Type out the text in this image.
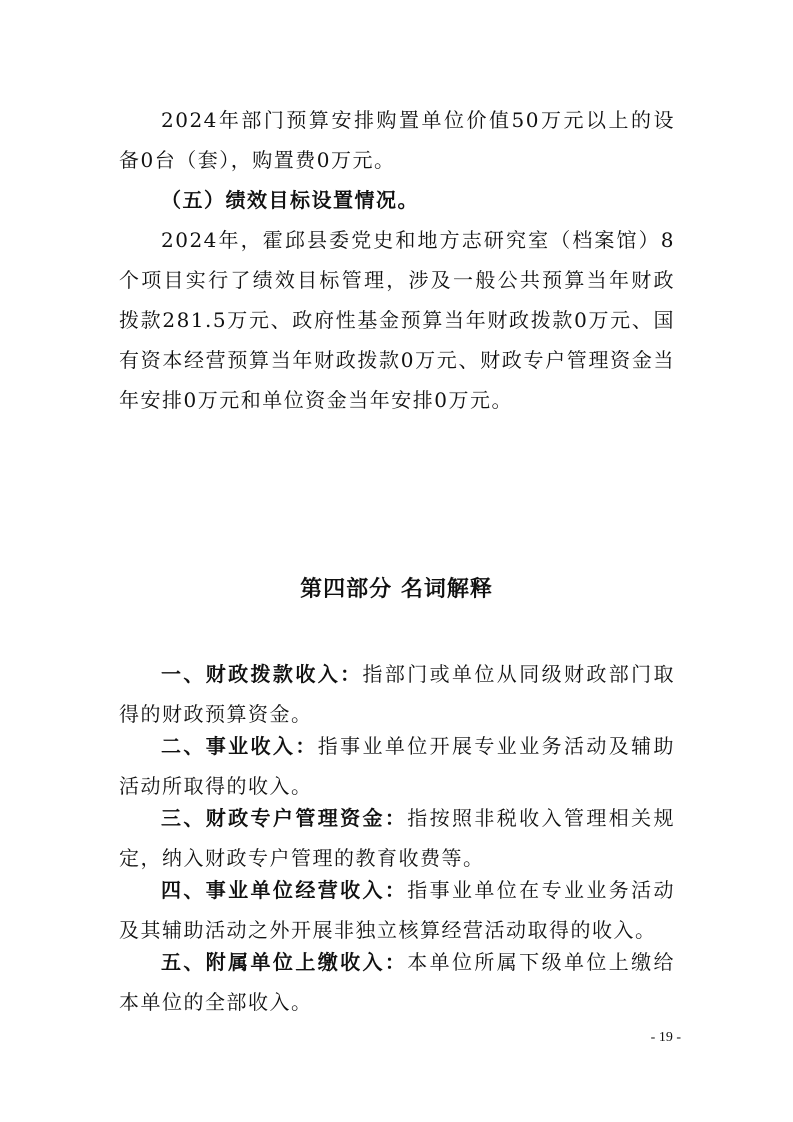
2024年部门预算安排购置单位价值50万元以上的设备0台（套），购置费0万元。

（五）绩效目标设置情况。

2024年，霍邱县委党史和地方志研究室（档案馆）8个项目实行了绩效目标管理，涉及一般公共预算当年财政拨款281.5万元、政府性基金预算当年财政拨款0万元、国有资本经营预算当年财政拨款0万元、财政专户管理资金当年安排0万元和单位资金当年安排0万元。

第四部分 名词解释

一、财政拨款收入：指部门或单位从同级财政部门取得的财政预算资金。

二、事业收入：指事业单位开展专业业务活动及辅助活动所取得的收入。

三、财政专户管理资金：指按照非税收入管理相关规定，纳入财政专户管理的教育收费等。

四、事业单位经营收入：指事业单位在专业业务活动及其辅助活动之外开展非独立核算经营活动取得的收入。

五、附属单位上缴收入：本单位所属下级单位上缴给本单位的全部收入。

- 19 -
